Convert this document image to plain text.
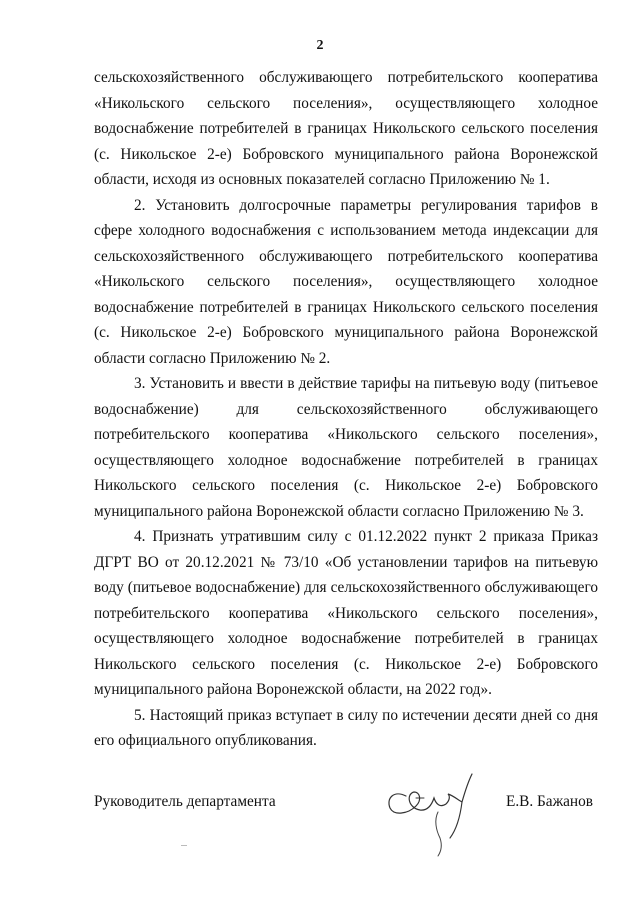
2

сельскохозяйственного обслуживающего потребительского кооператива «Никольского сельского поселения», осуществляющего холодное водоснабжение потребителей в границах Никольского сельского поселения (с. Никольское 2-е) Бобровского муниципального района Воронежской области, исходя из основных показателей согласно Приложению № 1.

2. Установить долгосрочные параметры регулирования тарифов в сфере холодного водоснабжения с использованием метода индексации для сельскохозяйственного обслуживающего потребительского кооператива «Никольского сельского поселения», осуществляющего холодное водоснабжение потребителей в границах Никольского сельского поселения (с. Никольское 2-е) Бобровского муниципального района Воронежской области согласно Приложению № 2.

3. Установить и ввести в действие тарифы на питьевую воду (питьевое водоснабжение) для сельскохозяйственного обслуживающего потребительского кооператива «Никольского сельского поселения», осуществляющего холодное водоснабжение потребителей в границах Никольского сельского поселения (с. Никольское 2-е) Бобровского муниципального района Воронежской области согласно Приложению № 3.

4. Признать утратившим силу с 01.12.2022 пункт 2 приказа Приказ ДГРТ ВО от 20.12.2021 № 73/10 «Об установлении тарифов на питьевую воду (питьевое водоснабжение) для сельскохозяйственного обслуживающего потребительского кооператива «Никольского сельского поселения», осуществляющего холодное водоснабжение потребителей в границах Никольского сельского поселения (с. Никольское 2-е) Бобровского муниципального района Воронежской области, на 2022 год».

5. Настоящий приказ вступает в силу по истечении десяти дней со дня его официального опубликования.

Руководитель департамента	Е.В. Бажанов
